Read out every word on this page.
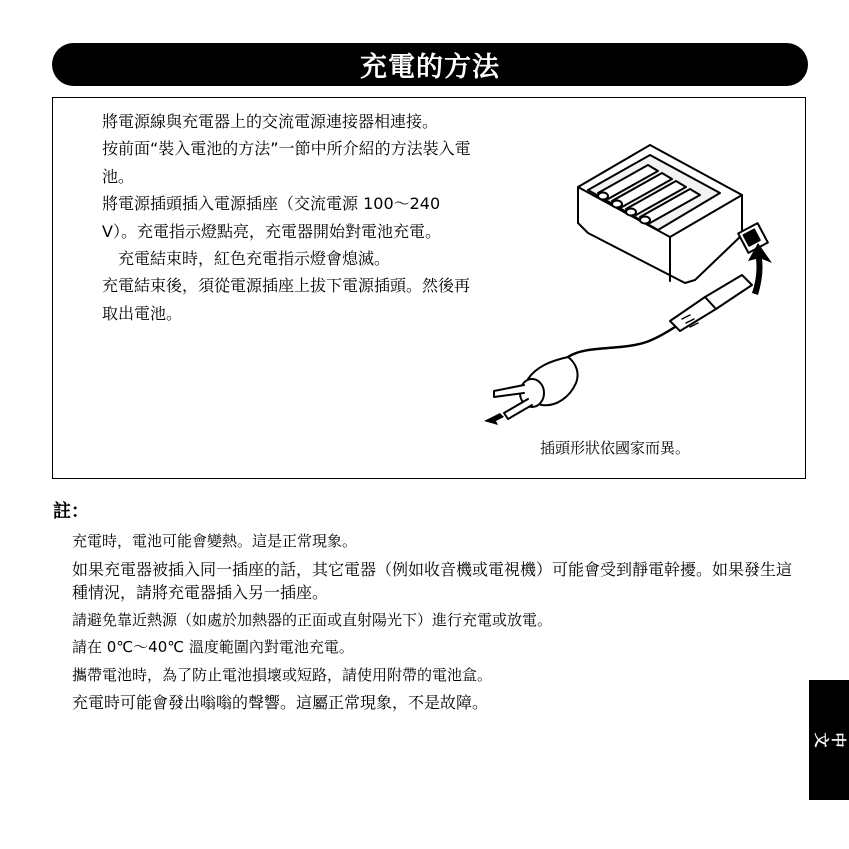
充電的方法

將電源線與充電器上的交流電源連接器相連接。

按前面“裝入電池的方法”一節中所介紹的方法裝入電池。

將電源插頭插入電源插座（交流電源 100～240 V）。充電指示燈點亮，充電器開始對電池充電。

充電結束時，紅色充電指示燈會熄滅。

充電結束後，須從電源插座上拔下電源插頭。然後再取出電池。

插頭形狀依國家而異。
註：
充電時，電池可能會變熱。這是正常現象。
如果充電器被插入同一插座的話，其它電器（例如收音機或電視機）可能會受到靜電幹擾。如果發生這種情況，請將充電器插入另一插座。
請避免靠近熱源（如處於加熱器的正面或直射陽光下）進行充電或放電。
請在 0℃～40℃ 溫度範圍內對電池充電。
攜帶電池時，為了防止電池損壞或短路，請使用附帶的電池盒。
充電時可能會發出嗡嗡的聲響。這屬正常現象，不是故障。
中文
